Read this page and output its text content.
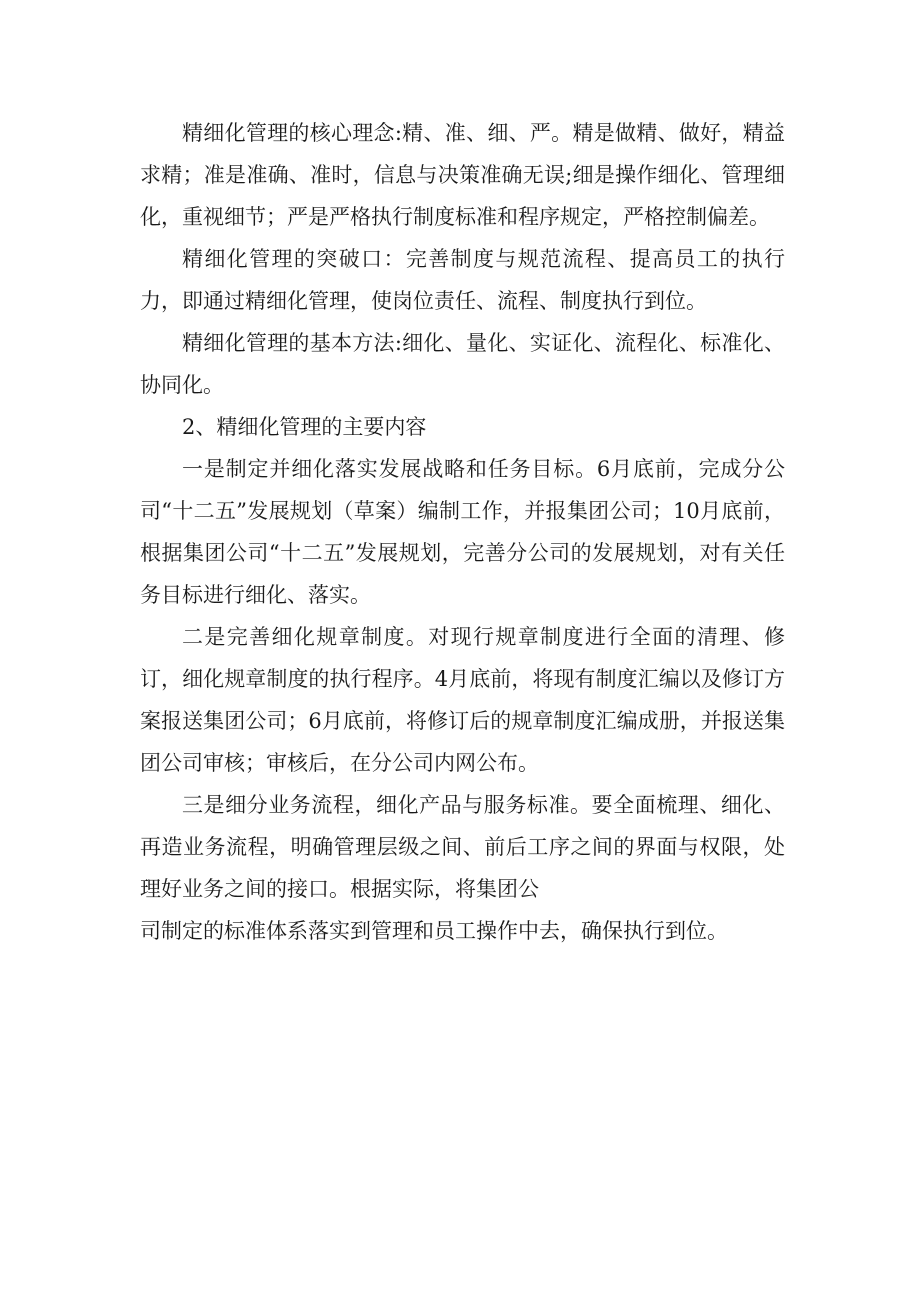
精细化管理的核心理念:精、准、细、严。精是做精、做好，精益求精；准是准确、准时，信息与决策准确无误;细是操作细化、管理细化，重视细节；严是严格执行制度标准和程序规定，严格控制偏差。

精细化管理的突破口：完善制度与规范流程、提高员工的执行力，即通过精细化管理，使岗位责任、流程、制度执行到位。

精细化管理的基本方法:细化、量化、实证化、流程化、标准化、协同化。

2、精细化管理的主要内容

一是制定并细化落实发展战略和任务目标。6月底前，完成分公司“十二五”发展规划（草案）编制工作，并报集团公司；10月底前，根据集团公司“十二五”发展规划，完善分公司的发展规划，对有关任务目标进行细化、落实。

二是完善细化规章制度。对现行规章制度进行全面的清理、修订，细化规章制度的执行程序。4月底前，将现有制度汇编以及修订方案报送集团公司；6月底前，将修订后的规章制度汇编成册，并报送集团公司审核；审核后，在分公司内网公布。

三是细分业务流程，细化产品与服务标准。要全面梳理、细化、再造业务流程，明确管理层级之间、前后工序之间的界面与权限，处理好业务之间的接口。根据实际，将集团公
司制定的标准体系落实到管理和员工操作中去，确保执行到位。
